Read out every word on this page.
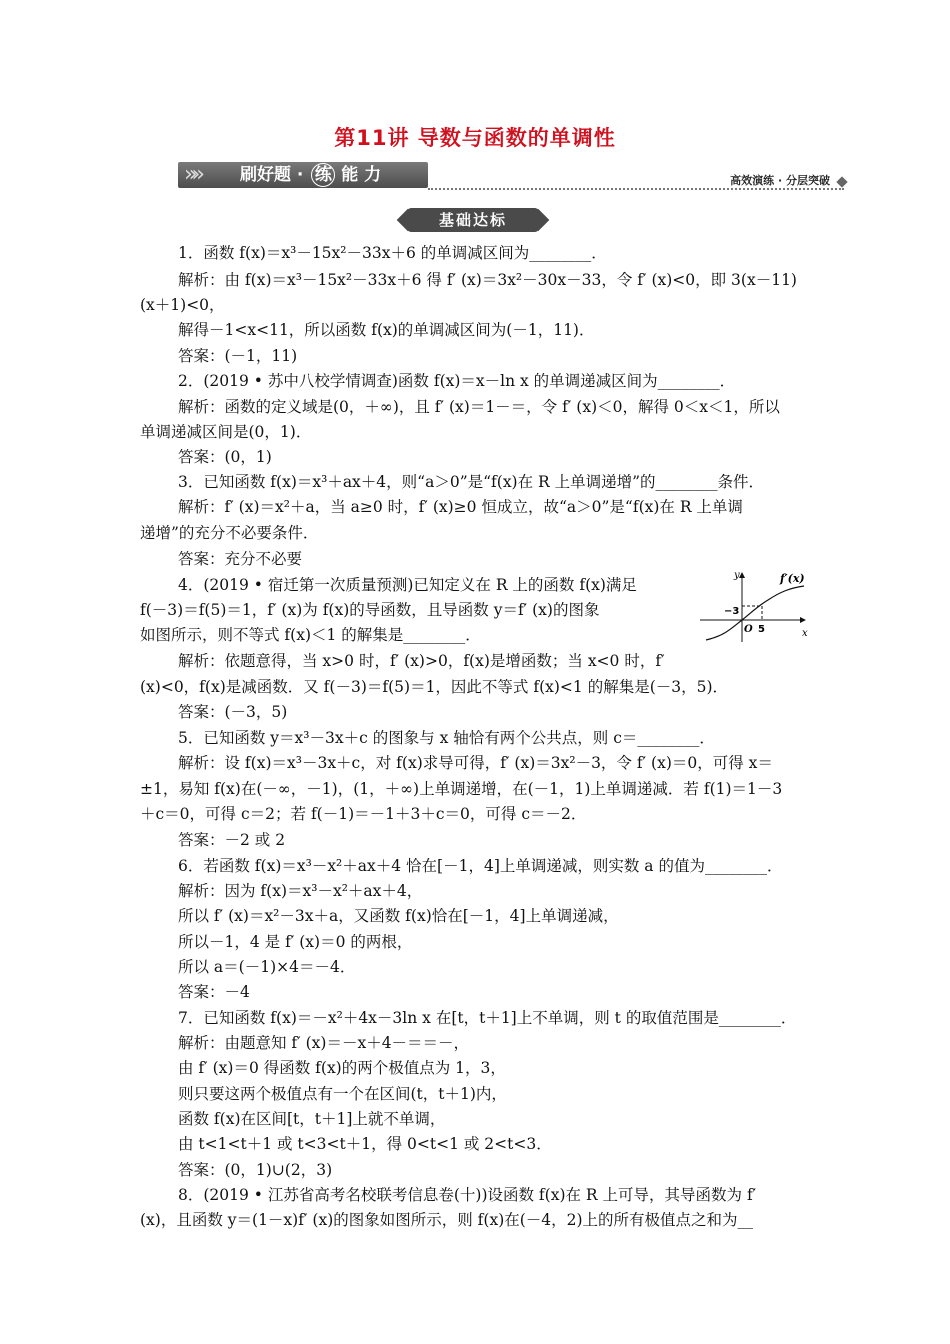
第11讲 导数与函数的单调性
»» 刷好题 · 练 能 力	高效演练 · 分层突破
基础达标
1．函数 f(x)＝x³－15x²－33x＋6 的单调减区间为________．
解析：由 f(x)＝x³－15x²－33x＋6 得 f′ (x)＝3x²－30x－33，令 f′ (x)<0，即 3(x－11)
(x＋1)<0，
解得－1<x<11，所以函数 f(x)的单调减区间为(－1，11)．
答案：(－1，11)
2．(2019 • 苏中八校学情调查)函数 f(x)＝x－ln x 的单调递减区间为________．
解析：函数的定义域是(0，＋∞)，且 f′ (x)＝1－＝，令 f′ (x)＜0，解得 0＜x＜1，所以
单调递减区间是(0，1)．
答案：(0，1)
3．已知函数 f(x)＝x³＋ax＋4，则“a＞0”是“f(x)在 R 上单调递增”的________条件．
解析：f′ (x)＝x²＋a，当 a≥0 时，f′ (x)≥0 恒成立，故“a＞0”是“f(x)在 R 上单调
递增”的充分不必要条件．
答案：充分不必要
4．(2019 • 宿迁第一次质量预测)已知定义在 R 上的函数 f(x)满足
f(－3)＝f(5)＝1，f′ (x)为 f(x)的导函数，且导函数 y＝f′ (x)的图象
如图所示，则不等式 f(x)＜1 的解集是________．
解析：依题意得，当 x>0 时，f′ (x)>0，f(x)是增函数；当 x<0 时，f′
(x)<0，f(x)是减函数．又 f(－3)＝f(5)＝1，因此不等式 f(x)<1 的解集是(－3，5)．
答案：(－3，5)
5．已知函数 y＝x³－3x＋c 的图象与 x 轴恰有两个公共点，则 c＝________．
解析：设 f(x)＝x³－3x＋c，对 f(x)求导可得，f′ (x)＝3x²－3，令 f′ (x)＝0，可得 x＝
±1，易知 f(x)在(－∞，－1)，(1，＋∞)上单调递增，在(－1，1)上单调递减．若 f(1)＝1－3
＋c＝0，可得 c＝2；若 f(－1)＝－1＋3＋c＝0，可得 c＝－2．
答案：－2 或 2
6．若函数 f(x)＝x³－x²＋ax＋4 恰在[－1，4]上单调递减，则实数 a 的值为________．
解析：因为 f(x)＝x³－x²＋ax＋4，
所以 f′ (x)＝x²－3x＋a，又函数 f(x)恰在[－1，4]上单调递减，
所以－1，4 是 f′ (x)＝0 的两根，
所以 a＝(－1)×4＝－4．
答案：－4
7．已知函数 f(x)＝－x²＋4x－3ln x 在[t，t＋1]上不单调，则 t 的取值范围是________．
解析：由题意知 f′ (x)＝－x＋4－＝＝－，
由 f′ (x)＝0 得函数 f(x)的两个极值点为 1，3，
则只要这两个极值点有一个在区间(t，t＋1)内，
函数 f(x)在区间[t，t＋1]上就不单调，
由 t<1<t＋1 或 t<3<t＋1，得 0<t<1 或 2<t<3．
答案：(0，1)∪(2，3)
8．(2019 • 江苏省高考名校联考信息卷(十))设函数 f(x)在 R 上可导，其导函数为 f′
(x)，且函数 y＝(1－x)f′ (x)的图象如图所示，则 f(x)在(－4，2)上的所有极值点之和为__
y
x
f′(x)
−3
O 5
